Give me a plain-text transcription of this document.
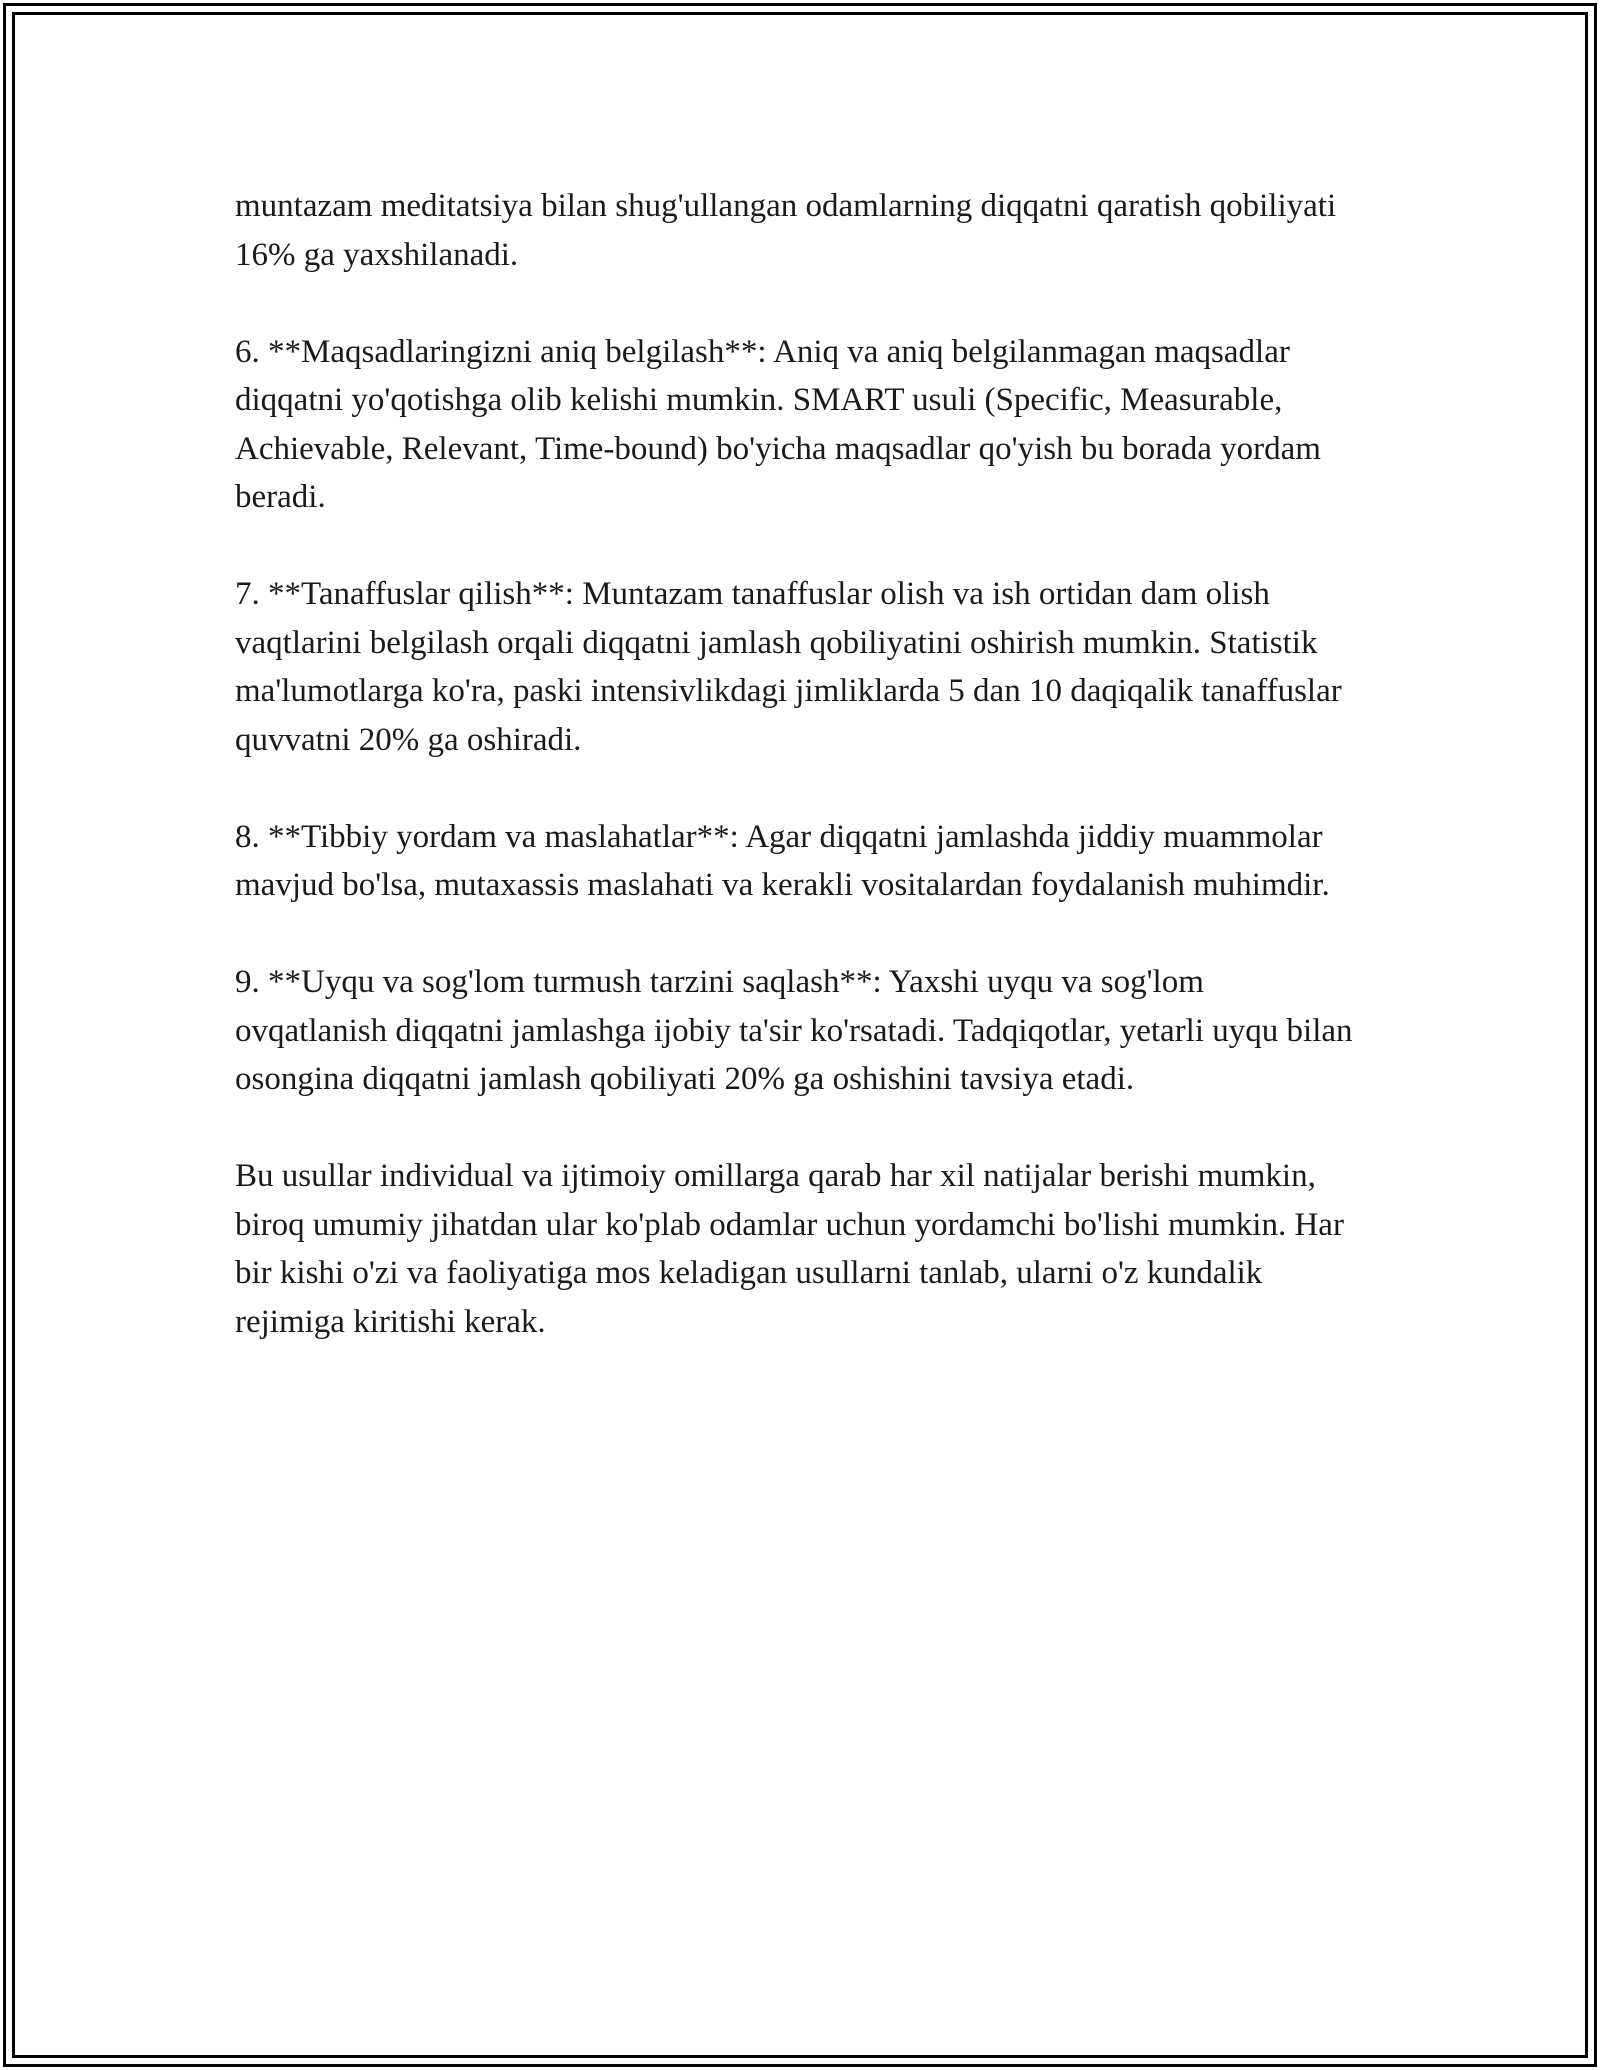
muntazam meditatsiya bilan shug'ullangan odamlarning diqqatni qaratish qobiliyati 16% ga yaxshilanadi.

6. **Maqsadlaringizni aniq belgilash**: Aniq va aniq belgilanmagan maqsadlar diqqatni yo'qotishga olib kelishi mumkin. SMART usuli (Specific, Measurable, Achievable, Relevant, Time-bound) bo'yicha maqsadlar qo'yish bu borada yordam beradi.

7. **Tanaffuslar qilish**: Muntazam tanaffuslar olish va ish ortidan dam olish vaqtlarini belgilash orqali diqqatni jamlash qobiliyatini oshirish mumkin. Statistik ma'lumotlarga ko'ra, paski intensivlikdagi jimliklarda 5 dan 10 daqiqalik tanaffuslar quvvatni 20% ga oshiradi.

8. **Tibbiy yordam va maslahatlar**: Agar diqqatni jamlashda jiddiy muammolar mavjud bo'lsa, mutaxassis maslahati va kerakli vositalardan foydalanish muhimdir.

9. **Uyqu va sog'lom turmush tarzini saqlash**: Yaxshi uyqu va sog'lom ovqatlanish diqqatni jamlashga ijobiy ta'sir ko'rsatadi. Tadqiqotlar, yetarli uyqu bilan osongina diqqatni jamlash qobiliyati 20% ga oshishini tavsiya etadi.

Bu usullar individual va ijtimoiy omillarga qarab har xil natijalar berishi mumkin, biroq umumiy jihatdan ular ko'plab odamlar uchun yordamchi bo'lishi mumkin. Har bir kishi o'zi va faoliyatiga mos keladigan usullarni tanlab, ularni o'z kundalik rejimiga kiritishi kerak.
